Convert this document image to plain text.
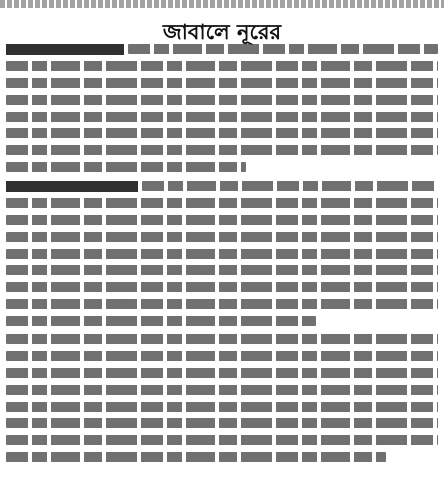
জাবালে নূরের
